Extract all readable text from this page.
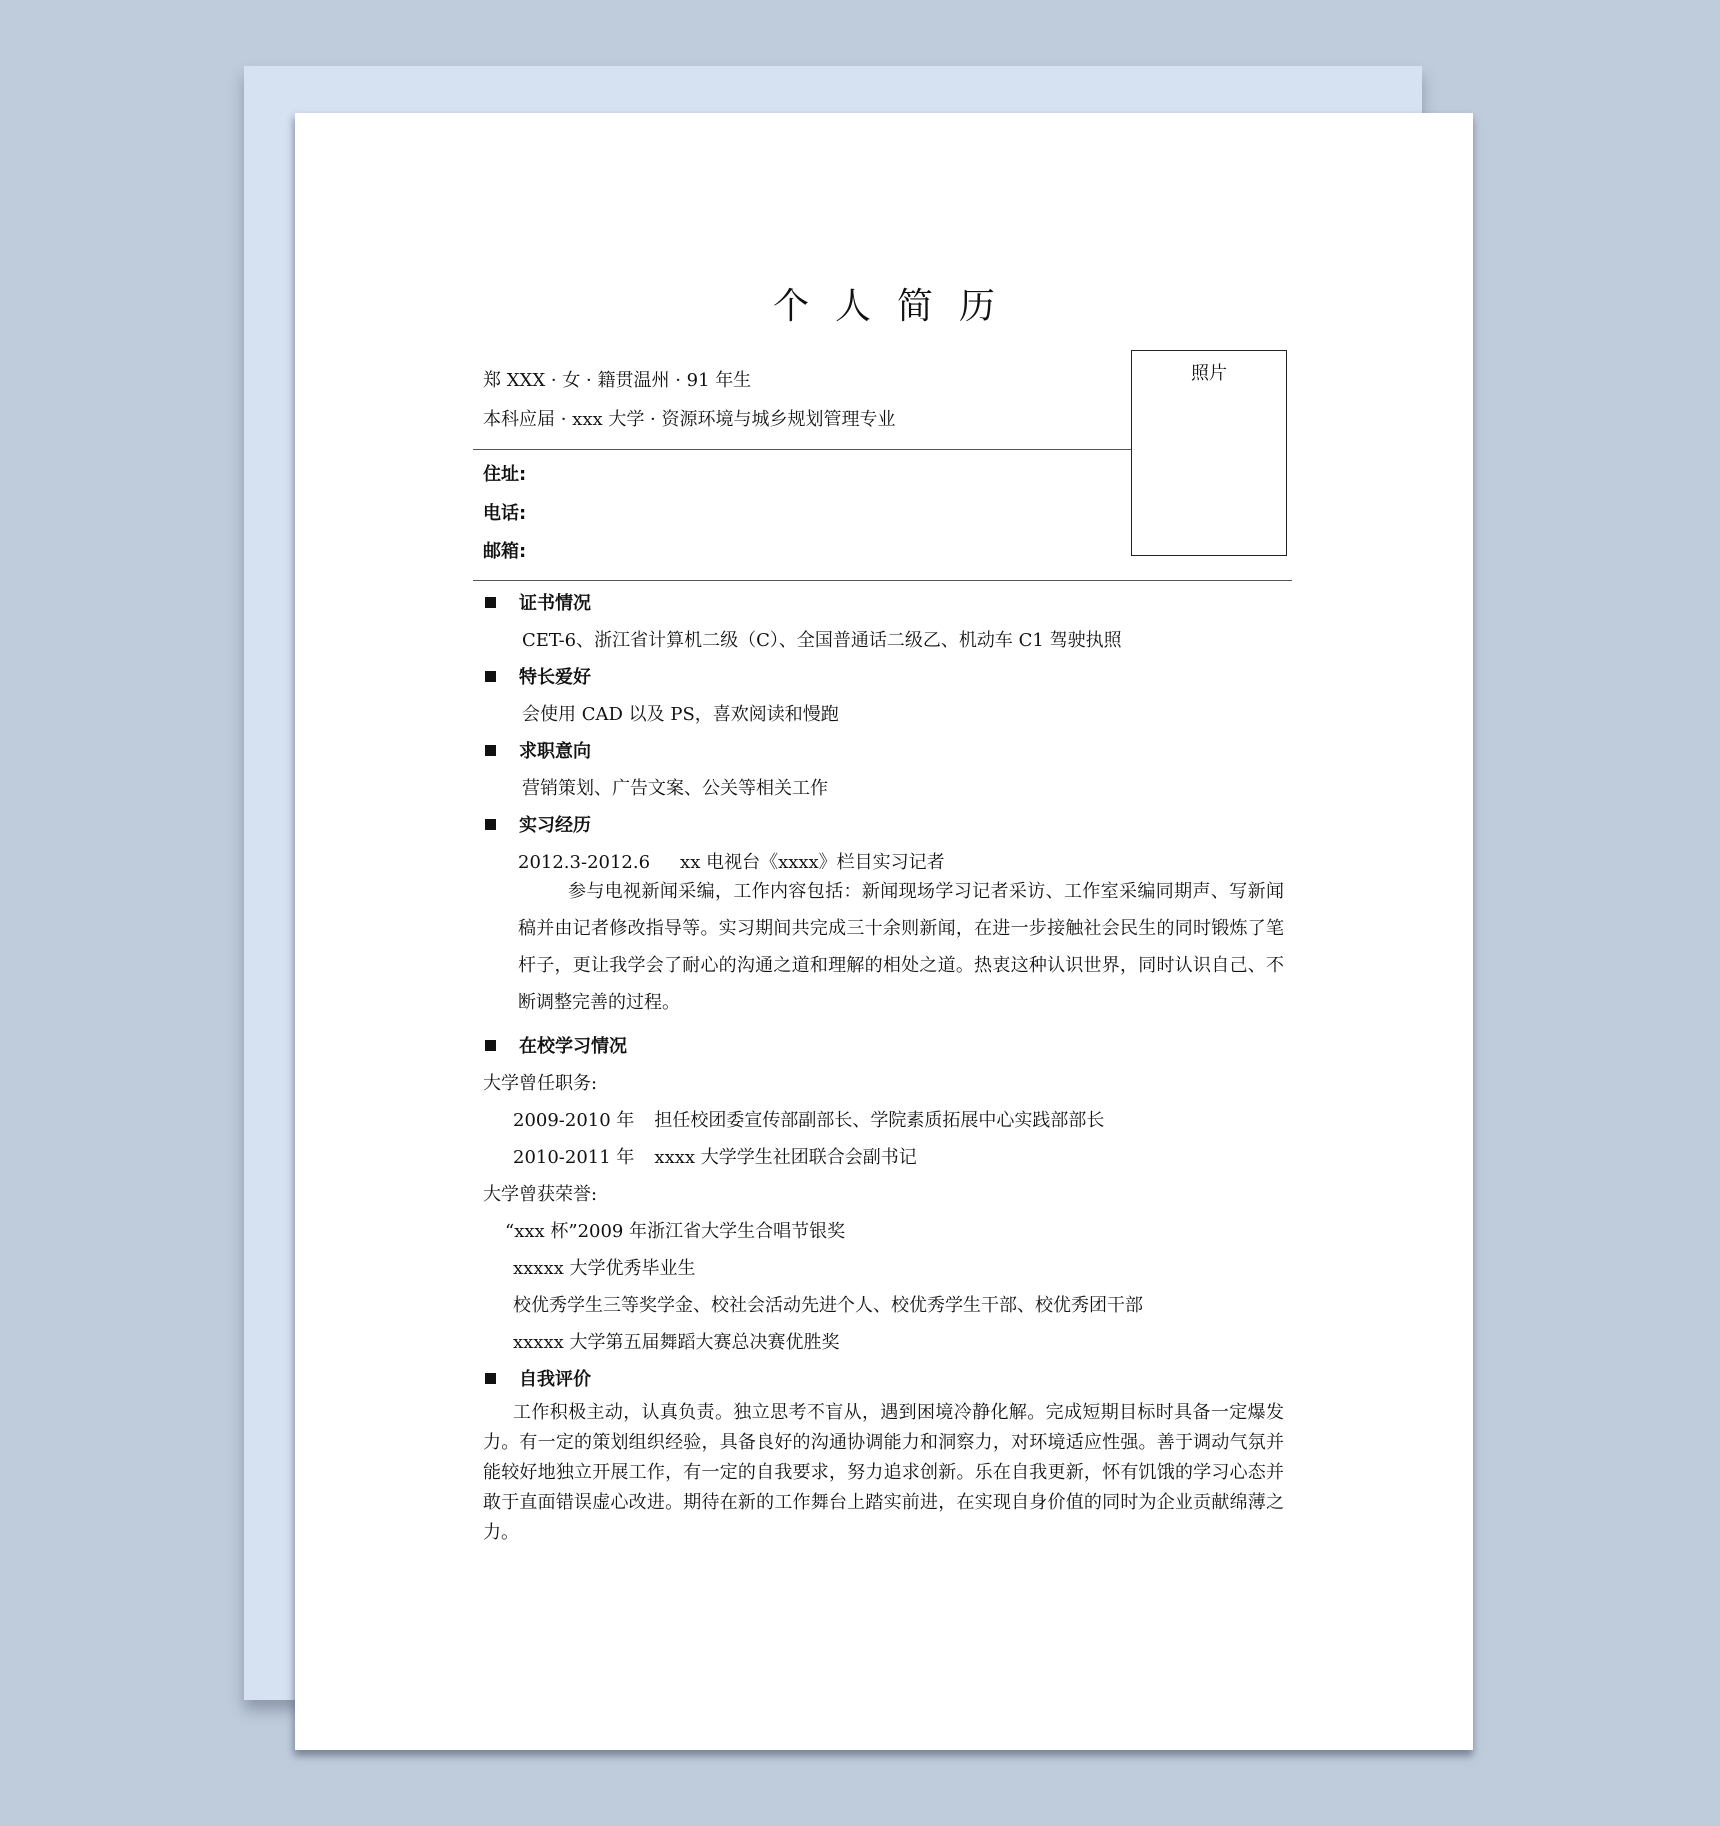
个人简历
郑 XXX · 女 · 籍贯温州 · 91 年生
本科应届 · xxx 大学 · 资源环境与城乡规划管理专业
照片
住址:
电话:
邮箱:
证书情况
CET-6、浙江省计算机二级（C）、全国普通话二级乙、机动车 C1 驾驶执照
特长爱好
会使用 CAD 以及 PS，喜欢阅读和慢跑
求职意向
营销策划、广告文案、公关等相关工作
实习经历
2012.3-2012.6 xx 电视台《xxxx》栏目实习记者
参与电视新闻采编，工作内容包括：新闻现场学习记者采访、工作室采编同期声、写新闻稿并由记者修改指导等。实习期间共完成三十余则新闻，在进一步接触社会民生的同时锻炼了笔杆子，更让我学会了耐心的沟通之道和理解的相处之道。热衷这种认识世界，同时认识自己、不断调整完善的过程。
在校学习情况
大学曾任职务:
2009-2010 年 担任校团委宣传部副部长、学院素质拓展中心实践部部长
2010-2011 年 xxxx 大学学生社团联合会副书记
大学曾获荣誉:
“xxx 杯”2009 年浙江省大学生合唱节银奖
xxxxx 大学优秀毕业生
校优秀学生三等奖学金、校社会活动先进个人、校优秀学生干部、校优秀团干部
xxxxx 大学第五届舞蹈大赛总决赛优胜奖
自我评价
工作积极主动，认真负责。独立思考不盲从，遇到困境冷静化解。完成短期目标时具备一定爆发力。有一定的策划组织经验，具备良好的沟通协调能力和洞察力，对环境适应性强。善于调动气氛并能较好地独立开展工作，有一定的自我要求，努力追求创新。乐在自我更新，怀有饥饿的学习心态并敢于直面错误虚心改进。期待在新的工作舞台上踏实前进，在实现自身价值的同时为企业贡献绵薄之力。
